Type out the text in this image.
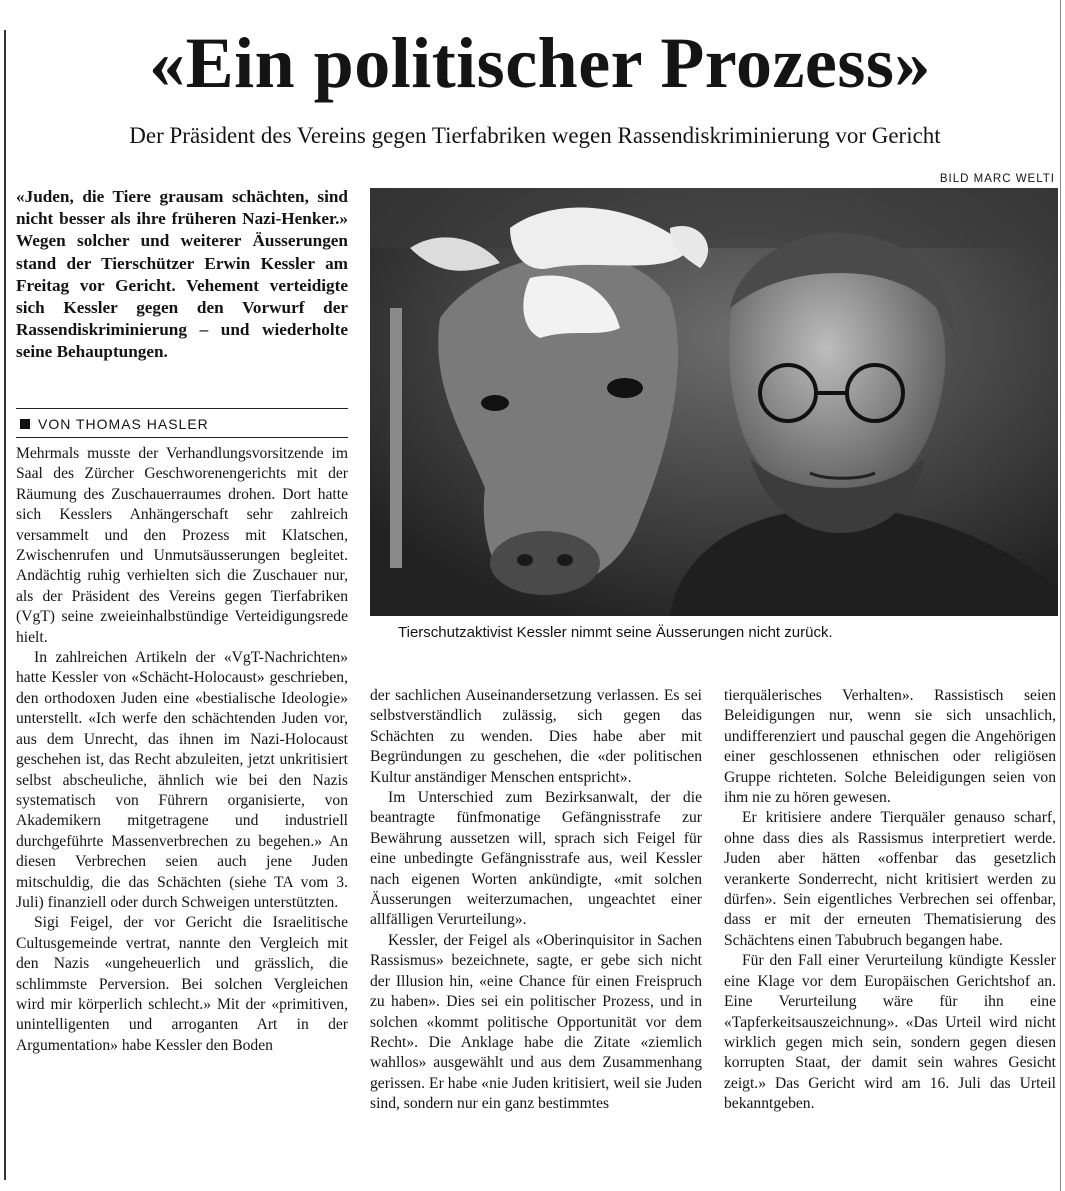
«Ein politischer Prozess»
Der Präsident des Vereins gegen Tierfabriken wegen Rassendiskriminierung vor Gericht
BILD MARC WELTI

«Juden, die Tiere grausam schächten, sind nicht besser als ihre früheren Nazi-Henker.» Wegen solcher und weiterer Äusserungen stand der Tierschützer Erwin Kessler am Freitag vor Gericht. Vehement verteidigte sich Kessler gegen den Vorwurf der Rassendiskriminierung – und wiederholte seine Behauptungen.

VON THOMAS HASLER

Tierschutzaktivist Kessler nimmt seine Äusserungen nicht zurück.

Mehrmals musste der Verhandlungsvorsitzende im Saal des Zürcher Geschworenengerichts mit der Räumung des Zuschauerraumes drohen. Dort hatte sich Kesslers Anhängerschaft sehr zahlreich versammelt und den Prozess mit Klatschen, Zwischenrufen und Unmutsäusserungen begleitet. Andächtig ruhig verhielten sich die Zuschauer nur, als der Präsident des Vereins gegen Tierfabriken (VgT) seine zweieinhalbstündige Verteidigungsrede hielt.

In zahlreichen Artikeln der «VgT-Nachrichten» hatte Kessler von «Schächt-Holocaust» geschrieben, den orthodoxen Juden eine «bestialische Ideologie» unterstellt. «Ich werfe den schächtenden Juden vor, aus dem Unrecht, das ihnen im Nazi-Holocaust geschehen ist, das Recht abzuleiten, jetzt unkritisiert selbst abscheuliche, ähnlich wie bei den Nazis systematisch von Führern organisierte, von Akademikern mitgetragene und industriell durchgeführte Massenverbrechen zu begehen.» An diesen Verbrechen seien auch jene Juden mitschuldig, die das Schächten (siehe TA vom 3. Juli) finanziell oder durch Schweigen unterstützten.

Sigi Feigel, der vor Gericht die Israelitische Cultusgemeinde vertrat, nannte den Vergleich mit den Nazis «ungeheuerlich und grässlich, die schlimmste Perversion. Bei solchen Vergleichen wird mir körperlich schlecht.» Mit der «primitiven, unintelligenten und arroganten Art in der Argumentation» habe Kessler den Boden

der sachlichen Auseinandersetzung verlassen. Es sei selbstverständlich zulässig, sich gegen das Schächten zu wenden. Dies habe aber mit Begründungen zu geschehen, die «der politischen Kultur anständiger Menschen entspricht».

Im Unterschied zum Bezirksanwalt, der die beantragte fünfmonatige Gefängnisstrafe zur Bewährung aussetzen will, sprach sich Feigel für eine unbedingte Gefängnisstrafe aus, weil Kessler nach eigenen Worten ankündigte, «mit solchen Äusserungen weiterzumachen, ungeachtet einer allfälligen Verurteilung».

Kessler, der Feigel als «Oberinquisitor in Sachen Rassismus» bezeichnete, sagte, er gebe sich nicht der Illusion hin, «eine Chance für einen Freispruch zu haben». Dies sei ein politischer Prozess, und in solchen «kommt politische Opportunität vor dem Recht». Die Anklage habe die Zitate «ziemlich wahllos» ausgewählt und aus dem Zusammenhang gerissen. Er habe «nie Juden kritisiert, weil sie Juden sind, sondern nur ein ganz bestimmtes

tierquälerisches Verhalten». Rassistisch seien Beleidigungen nur, wenn sie sich unsachlich, undifferenziert und pauschal gegen die Angehörigen einer geschlossenen ethnischen oder religiösen Gruppe richteten. Solche Beleidigungen seien von ihm nie zu hören gewesen.

Er kritisiere andere Tierquäler genauso scharf, ohne dass dies als Rassismus interpretiert werde. Juden aber hätten «offenbar das gesetzlich verankerte Sonderrecht, nicht kritisiert werden zu dürfen». Sein eigentliches Verbrechen sei offenbar, dass er mit der erneuten Thematisierung des Schächtens einen Tabubruch begangen habe.

Für den Fall einer Verurteilung kündigte Kessler eine Klage vor dem Europäischen Gerichtshof an. Eine Verurteilung wäre für ihn eine «Tapferkeitsauszeichnung». «Das Urteil wird nicht wirklich gegen mich sein, sondern gegen diesen korrupten Staat, der damit sein wahres Gesicht zeigt.» Das Gericht wird am 16. Juli das Urteil bekanntgeben.
